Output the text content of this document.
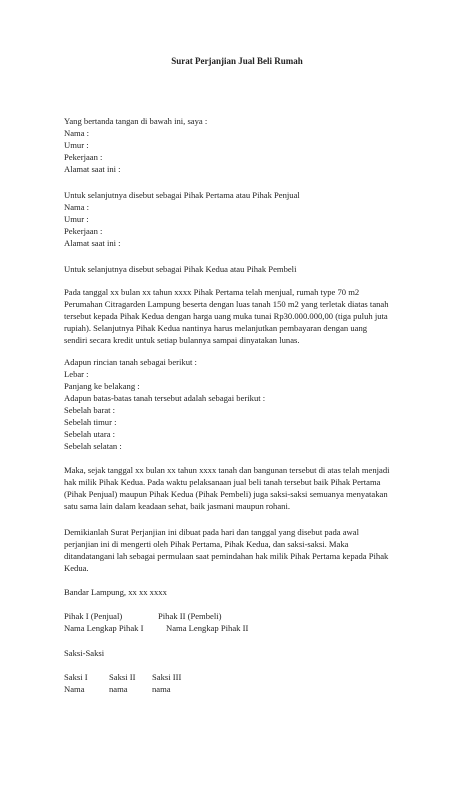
Surat Perjanjian Jual Beli Rumah
Yang bertanda tangan di bawah ini, saya :
Nama :
Umur :
Pekerjaan :
Alamat saat ini :
Untuk selanjutnya disebut sebagai Pihak Pertama atau Pihak Penjual
Nama :
Umur :
Pekerjaan :
Alamat saat ini :
Untuk selanjutnya disebut sebagai Pihak Kedua atau Pihak Pembeli
Pada tanggal xx bulan xx tahun xxxx Pihak Pertama telah menjual, rumah type 70 m2
Perumahan Citragarden Lampung beserta dengan luas tanah 150 m2 yang terletak diatas tanah
tersebut kepada Pihak Kedua dengan harga uang muka tunai Rp30.000.000,00 (tiga puluh juta
rupiah). Selanjutnya Pihak Kedua nantinya harus melanjutkan pembayaran dengan uang
sendiri secara kredit untuk setiap bulannya sampai dinyatakan lunas.
Adapun rincian tanah sebagai berikut :
Lebar :
Panjang ke belakang :
Adapun batas-batas tanah tersebut adalah sebagai berikut :
Sebelah barat :
Sebelah timur :
Sebelah utara :
Sebelah selatan :
Maka, sejak tanggal xx bulan xx tahun xxxx tanah dan bangunan tersebut di atas telah menjadi
hak milik Pihak Kedua. Pada waktu pelaksanaan jual beli tanah tersebut baik Pihak Pertama
(Pihak Penjual) maupun Pihak Kedua (Pihak Pembeli) juga saksi-saksi semuanya menyatakan
satu sama lain dalam keadaan sehat, baik jasmani maupun rohani.
Demikianlah Surat Perjanjian ini dibuat pada hari dan tanggal yang disebut pada awal
perjanjian ini di mengerti oleh Pihak Pertama, Pihak Kedua, dan saksi-saksi. Maka
ditandatangani lah sebagai permulaan saat pemindahan hak milik Pihak Pertama kepada Pihak
Kedua.
Bandar Lampung, xx xx xxxx
Pihak I (Penjual)	Pihak II (Pembeli)
Nama Lengkap Pihak I	Nama Lengkap Pihak II
Saksi-Saksi
Saksi I Saksi II Saksi III
Nama	nama	nama
